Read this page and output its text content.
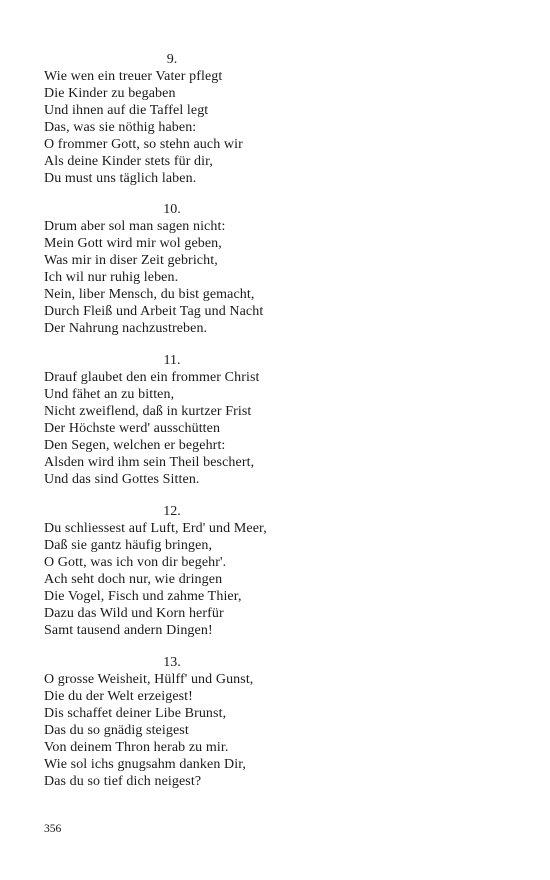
9.
Wie wen ein treuer Vater pflegt
Die Kinder zu begaben
Und ihnen auf die Taffel legt
Das, was sie nöthig haben:
O frommer Gott, so stehn auch wir
Als deine Kinder stets für dir,
Du must uns täglich laben.
10.
Drum aber sol man sagen nicht:
Mein Gott wird mir wol geben,
Was mir in diser Zeit gebricht,
Ich wil nur ruhig leben.
Nein, liber Mensch, du bist gemacht,
Durch Fleiß und Arbeit Tag und Nacht
Der Nahrung nachzustreben.
11.
Drauf glaubet den ein frommer Christ
Und fähet an zu bitten,
Nicht zweiflend, daß in kurtzer Frist
Der Höchste werd' ausschütten
Den Segen, welchen er begehrt:
Alsden wird ihm sein Theil beschert,
Und das sind Gottes Sitten.
12.
Du schliessest auf Luft, Erd' und Meer,
Daß sie gantz häufig bringen,
O Gott, was ich von dir begehr'.
Ach seht doch nur, wie dringen
Die Vogel, Fisch und zahme Thier,
Dazu das Wild und Korn herfür
Samt tausend andern Dingen!
13.
O grosse Weisheit, Hülff' und Gunst,
Die du der Welt erzeigest!
Dis schaffet deiner Libe Brunst,
Das du so gnädig steigest
Von deinem Thron herab zu mir.
Wie sol ichs gnugsahm danken Dir,
Das du so tief dich neigest?
356
